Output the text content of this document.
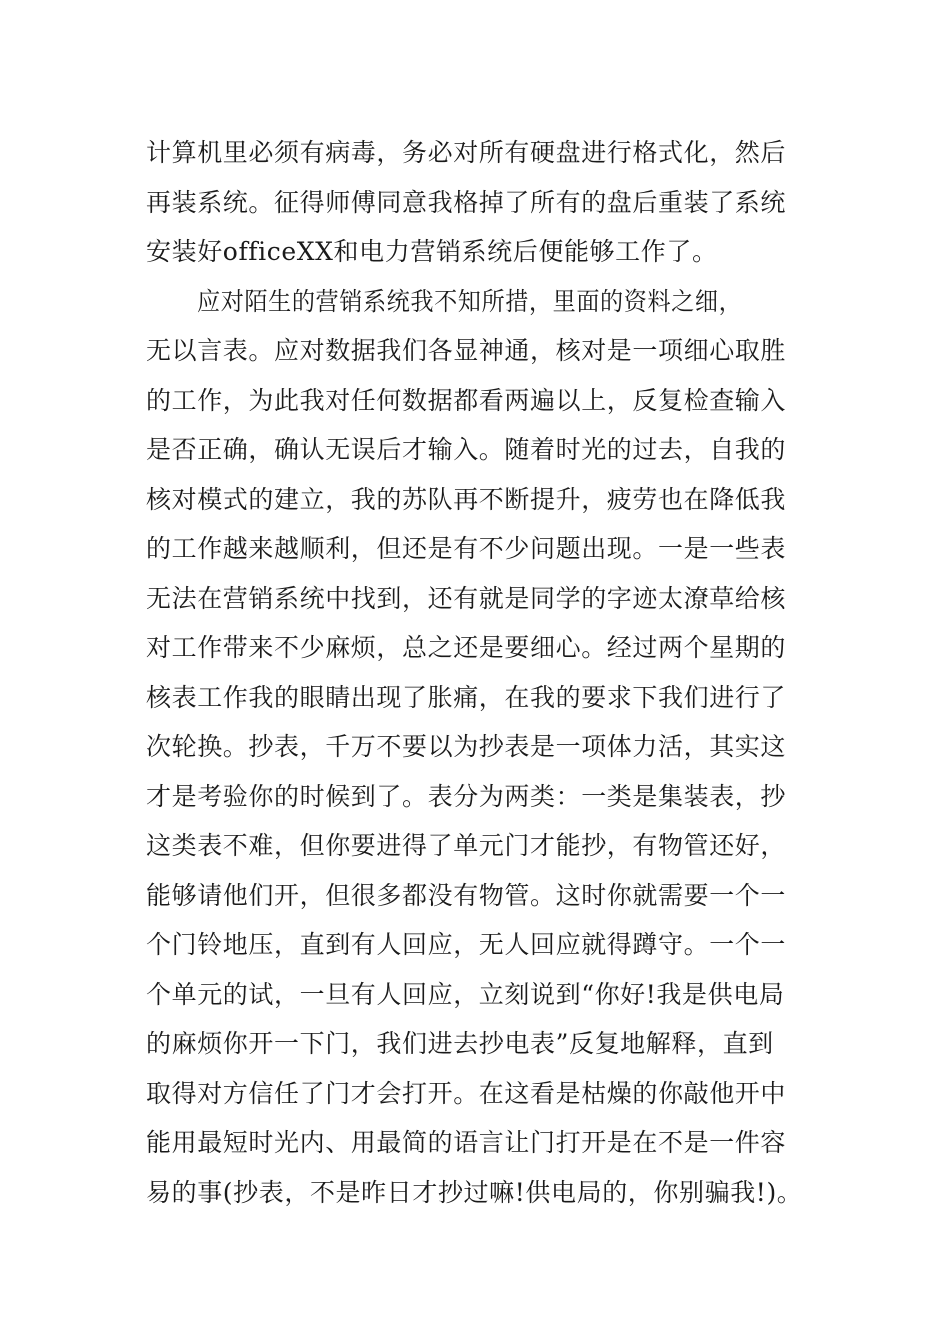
计算机里必须有病毒，务必对所有硬盘进行格式化，然后
再装系统。征得师傅同意我格掉了所有的盘后重装了系统
安装好officeXX和电力营销系统后便能够工作了。
应对陌生的营销系统我不知所措，里面的资料之细，
无以言表。应对数据我们各显神通，核对是一项细心取胜
的工作，为此我对任何数据都看两遍以上，反复检查输入
是否正确，确认无误后才输入。随着时光的过去，自我的
核对模式的建立，我的苏队再不断提升，疲劳也在降低我
的工作越来越顺利，但还是有不少问题出现。一是一些表
无法在营销系统中找到，还有就是同学的字迹太潦草给核
对工作带来不少麻烦，总之还是要细心。经过两个星期的
核表工作我的眼睛出现了胀痛，在我的要求下我们进行了
次轮换。抄表，千万不要以为抄表是一项体力活，其实这
才是考验你的时候到了。表分为两类：一类是集装表，抄
这类表不难，但你要进得了单元门才能抄，有物管还好，
能够请他们开，但很多都没有物管。这时你就需要一个一
个门铃地压，直到有人回应，无人回应就得蹲守。一个一
个单元的试，一旦有人回应，立刻说到“你好!我是供电局
的麻烦你开一下门，我们进去抄电表”反复地解释，直到
取得对方信任了门才会打开。在这看是枯燥的你敲他开中
能用最短时光内、用最简的语言让门打开是在不是一件容
易的事(抄表，不是昨日才抄过嘛!供电局的，你别骗我!)。
